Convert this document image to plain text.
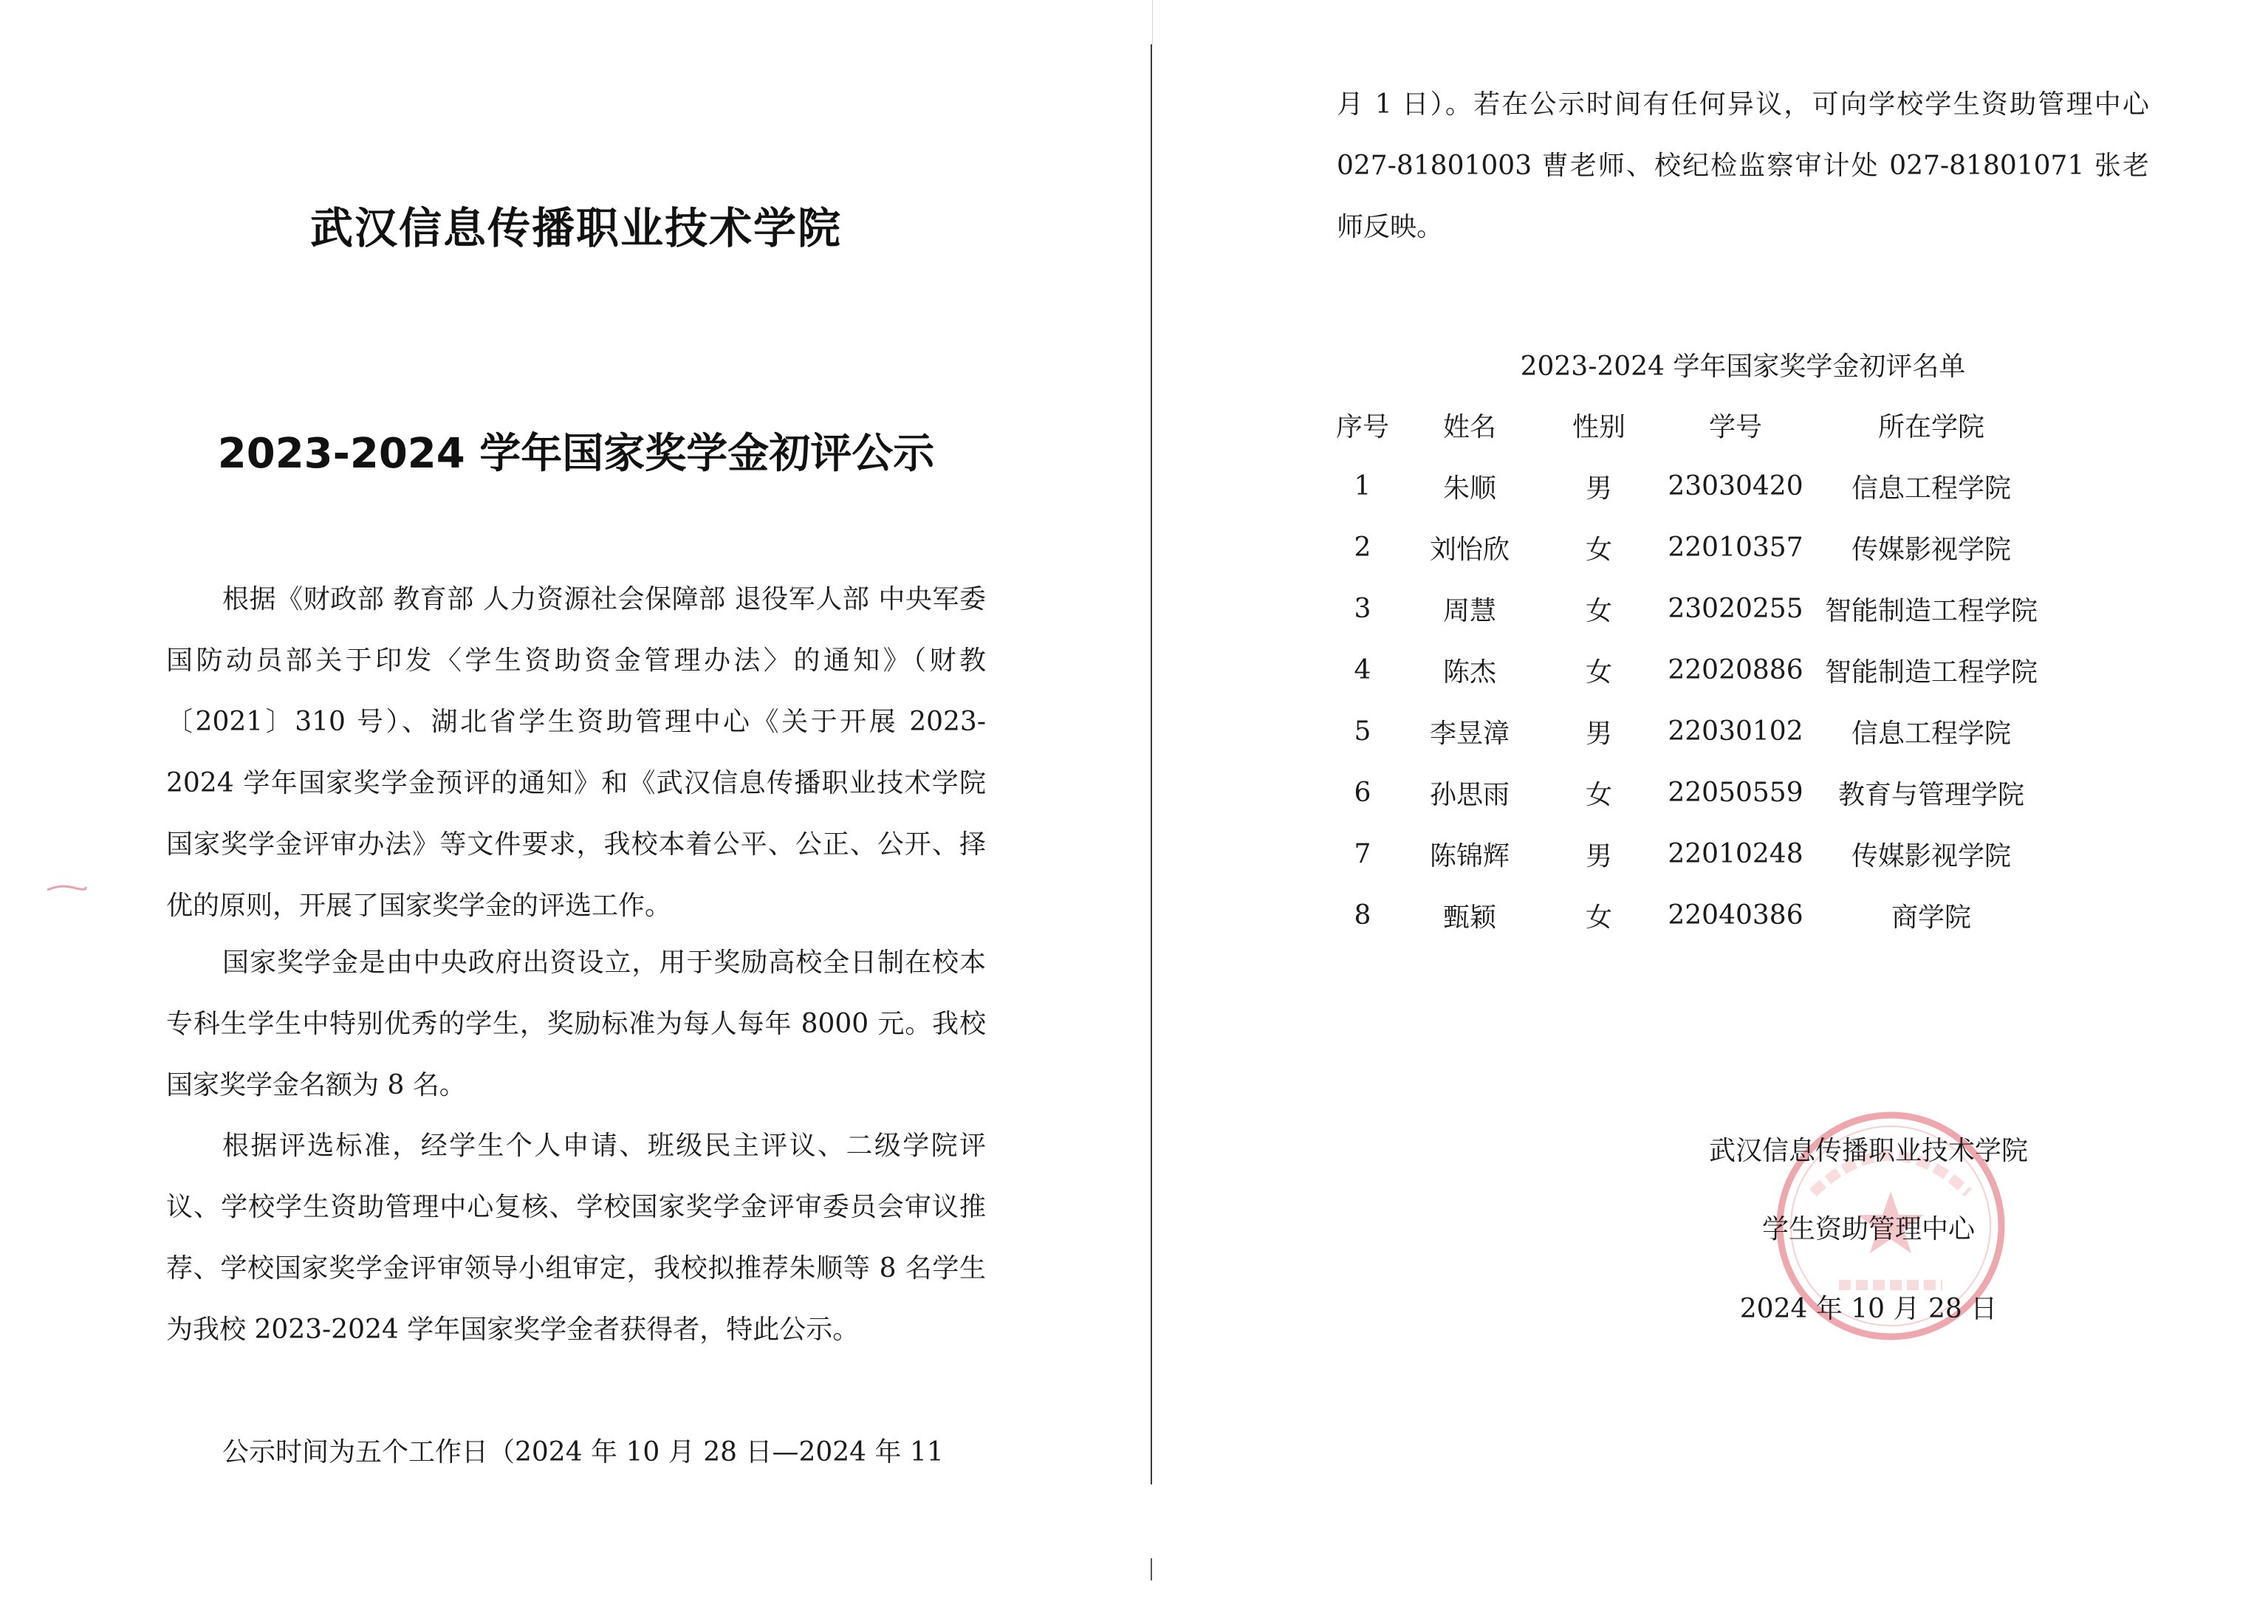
武汉信息传播职业技术学院
2023-2024 学年国家奖学金初评公示

根据《财政部 教育部 人力资源社会保障部 退役军人部 中央军委国防动员部关于印发〈学生资助资金管理办法〉的通知》（财教〔2021〕310 号）、湖北省学生资助管理中心《关于开展 2023-2024 学年国家奖学金预评的通知》和《武汉信息传播职业技术学院国家奖学金评审办法》等文件要求，我校本着公平、公正、公开、择优的原则，开展了国家奖学金的评选工作。

国家奖学金是由中央政府出资设立，用于奖励高校全日制在校本专科生学生中特别优秀的学生，奖励标准为每人每年 8000 元。我校国家奖学金名额为 8 名。

根据评选标准，经学生个人申请、班级民主评议、二级学院评议、学校学生资助管理中心复核、学校国家奖学金评审委员会审议推荐、学校国家奖学金评审领导小组审定，我校拟推荐朱顺等 8 名学生为我校 2023-2024 学年国家奖学金者获得者，特此公示。

公示时间为五个工作日（2024 年 10 月 28 日—2024 年 11

月 1 日）。若在公示时间有任何异议，可向学校学生资助管理中心 027-81801003 曹老师、校纪检监察审计处 027-81801071 张老师反映。

2023-2024 学年国家奖学金初评名单
序号	姓名	性别	学号	所在学院
1	朱顺	男	23030420	信息工程学院
2	刘怡欣	女	22010357	传媒影视学院
3	周慧	女	23020255	智能制造工程学院
4	陈杰	女	22020886	智能制造工程学院
5	李昱漳	男	22030102	信息工程学院
6	孙思雨	女	22050559	教育与管理学院
7	陈锦辉	男	22010248	传媒影视学院
8	甄颖	女	22040386	商学院
武汉信息传播职业技术学院
学生资助管理中心
2024 年 10 月 28 日
